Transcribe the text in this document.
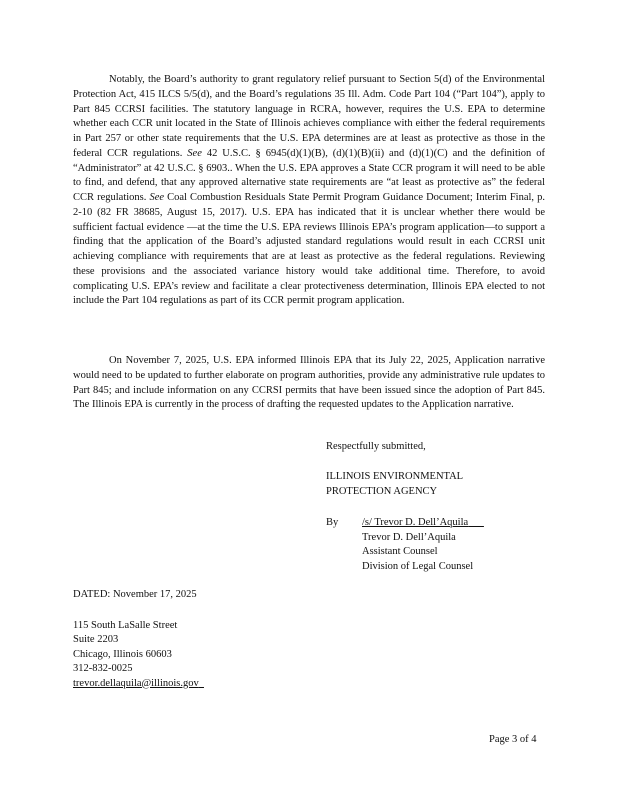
Notably, the Board’s authority to grant regulatory relief pursuant to Section 5(d) of the Environmental Protection Act, 415 ILCS 5/5(d), and the Board’s regulations 35 Ill. Adm. Code Part 104 (“Part 104”), apply to Part 845 CCRSI facilities. The statutory language in RCRA, however, requires the U.S. EPA to determine whether each CCR unit located in the State of Illinois achieves compliance with either the federal requirements in Part 257 or other state requirements that the U.S. EPA determines are at least as protective as those in the federal CCR regulations. See 42 U.S.C. § 6945(d)(1)(B), (d)(1)(B)(ii) and (d)(1)(C) and the definition of “Administrator” at 42 U.S.C. § 6903.. When the U.S. EPA approves a State CCR program it will need to be able to find, and defend, that any approved alternative state requirements are “at least as protective as” the federal CCR regulations. See Coal Combustion Residuals State Permit Program Guidance Document; Interim Final, p. 2-10 (82 FR 38685, August 15, 2017). U.S. EPA has indicated that it is unclear whether there would be sufficient factual evidence —at the time the U.S. EPA reviews Illinois EPA’s program application—to support a finding that the application of the Board’s adjusted standard regulations would result in each CCRSI unit achieving compliance with requirements that are at least as protective as the federal regulations. Reviewing these provisions and the associated variance history would take additional time. Therefore, to avoid complicating U.S. EPA’s review and facilitate a clear protectiveness determination, Illinois EPA elected to not include the Part 104 regulations as part of its CCR permit program application.

On November 7, 2025, U.S. EPA informed Illinois EPA that its July 22, 2025, Application narrative would need to be updated to further elaborate on program authorities, provide any administrative rule updates to Part 845; and include information on any CCRSI permits that have been issued since the adoption of Part 845. The Illinois EPA is currently in the process of drafting the requested updates to the Application narrative.

Respectfully submitted,
ILLINOIS ENVIRONMENTAL
PROTECTION AGENCY
By /s/ Trevor D. Dell’Aquila
Trevor D. Dell’Aquila
Assistant Counsel
Division of Legal Counsel
DATED: November 17, 2025
115 South LaSalle Street
Suite 2203
Chicago, Illinois 60603
312-832-0025
trevor.dellaquila@illinois.gov
Page 3 of 4
